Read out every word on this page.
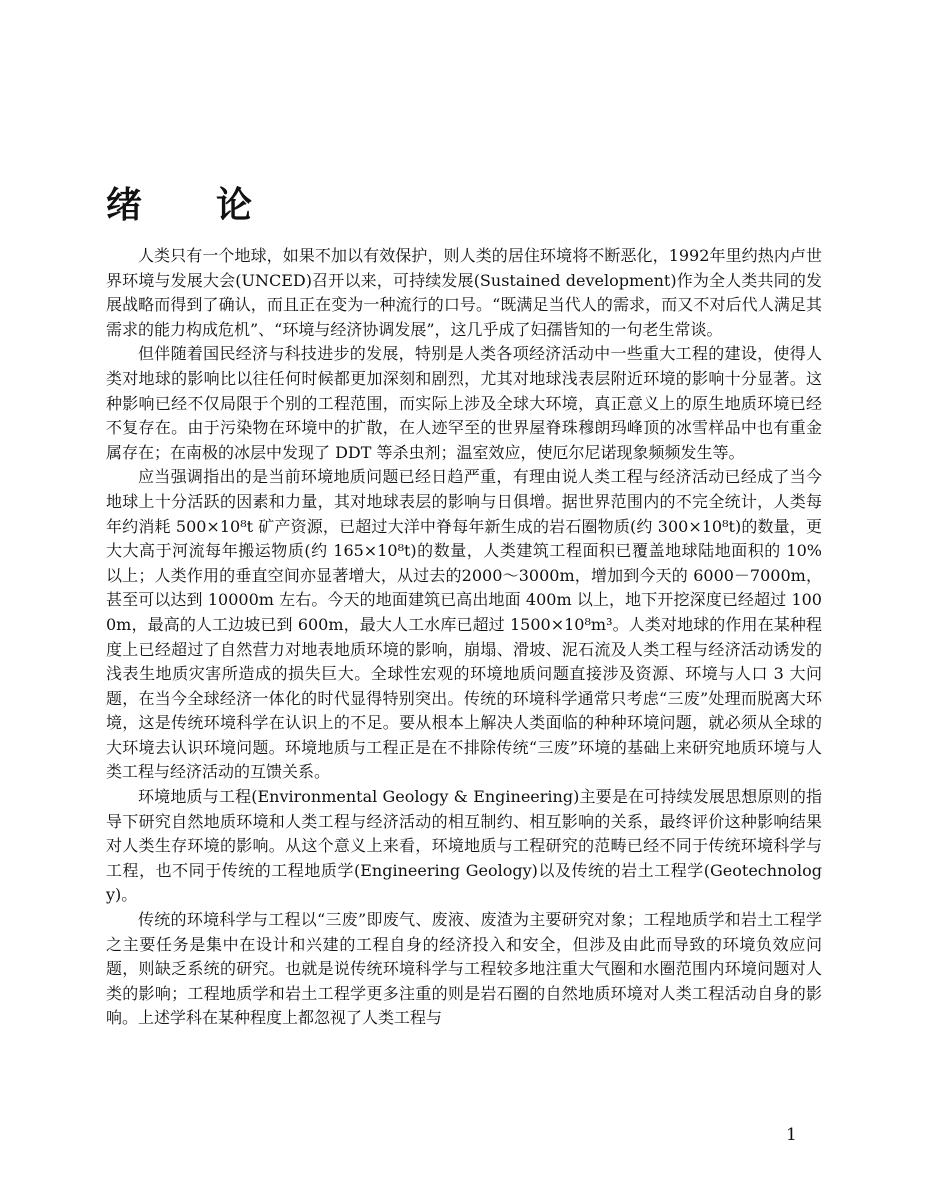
绪 论

人类只有一个地球，如果不加以有效保护，则人类的居住环境将不断恶化，1992年里约热内卢世界环境与发展大会(UNCED)召开以来，可持续发展(Sustained development)作为全人类共同的发展战略而得到了确认，而且正在变为一种流行的口号。“既满足当代人的需求，而又不对后代人满足其需求的能力构成危机”、“环境与经济协调发展”，这几乎成了妇孺皆知的一句老生常谈。

但伴随着国民经济与科技进步的发展，特别是人类各项经济活动中一些重大工程的建设，使得人类对地球的影响比以往任何时候都更加深刻和剧烈，尤其对地球浅表层附近环境的影响十分显著。这种影响已经不仅局限于个别的工程范围，而实际上涉及全球大环境，真正意义上的原生地质环境已经不复存在。由于污染物在环境中的扩散，在人迹罕至的世界屋脊珠穆朗玛峰顶的冰雪样品中也有重金属存在；在南极的冰层中发现了 DDT 等杀虫剂；温室效应，使厄尔尼诺现象频频发生等。

应当强调指出的是当前环境地质问题已经日趋严重，有理由说人类工程与经济活动已经成了当今地球上十分活跃的因素和力量，其对地球表层的影响与日俱增。据世界范围内的不完全统计，人类每年约消耗 500×10⁸t 矿产资源，已超过大洋中脊每年新生成的岩石圈物质(约 300×10⁸t)的数量，更大大高于河流每年搬运物质(约 165×10⁸t)的数量，人类建筑工程面积已覆盖地球陆地面积的 10% 以上；人类作用的垂直空间亦显著增大，从过去的2000～3000m，增加到今天的 6000－7000m，甚至可以达到 10000m 左右。今天的地面建筑已高出地面 400m 以上，地下开挖深度已经超过 1000m，最高的人工边坡已到 600m，最大人工水库已超过 1500×10⁸m³。人类对地球的作用在某种程度上已经超过了自然营力对地表地质环境的影响，崩塌、滑坡、泥石流及人类工程与经济活动诱发的浅表生地质灾害所造成的损失巨大。全球性宏观的环境地质问题直接涉及资源、环境与人口 3 大问题，在当今全球经济一体化的时代显得特别突出。传统的环境科学通常只考虑“三废”处理而脱离大环境，这是传统环境科学在认识上的不足。要从根本上解决人类面临的种种环境问题，就必须从全球的大环境去认识环境问题。环境地质与工程正是在不排除传统“三废”环境的基础上来研究地质环境与人类工程与经济活动的互馈关系。

环境地质与工程(Environmental Geology & Engineering)主要是在可持续发展思想原则的指导下研究自然地质环境和人类工程与经济活动的相互制约、相互影响的关系，最终评价这种影响结果对人类生存环境的影响。从这个意义上来看，环境地质与工程研究的范畴已经不同于传统环境科学与工程，也不同于传统的工程地质学(Engineering Geology)以及传统的岩土工程学(Geotechnology)。

传统的环境科学与工程以“三废”即废气、废液、废渣为主要研究对象；工程地质学和岩土工程学之主要任务是集中在设计和兴建的工程自身的经济投入和安全，但涉及由此而导致的环境负效应问题，则缺乏系统的研究。也就是说传统环境科学与工程较多地注重大气圈和水圈范围内环境问题对人类的影响；工程地质学和岩土工程学更多注重的则是岩石圈的自然地质环境对人类工程活动自身的影响。上述学科在某种程度上都忽视了人类工程与

1
